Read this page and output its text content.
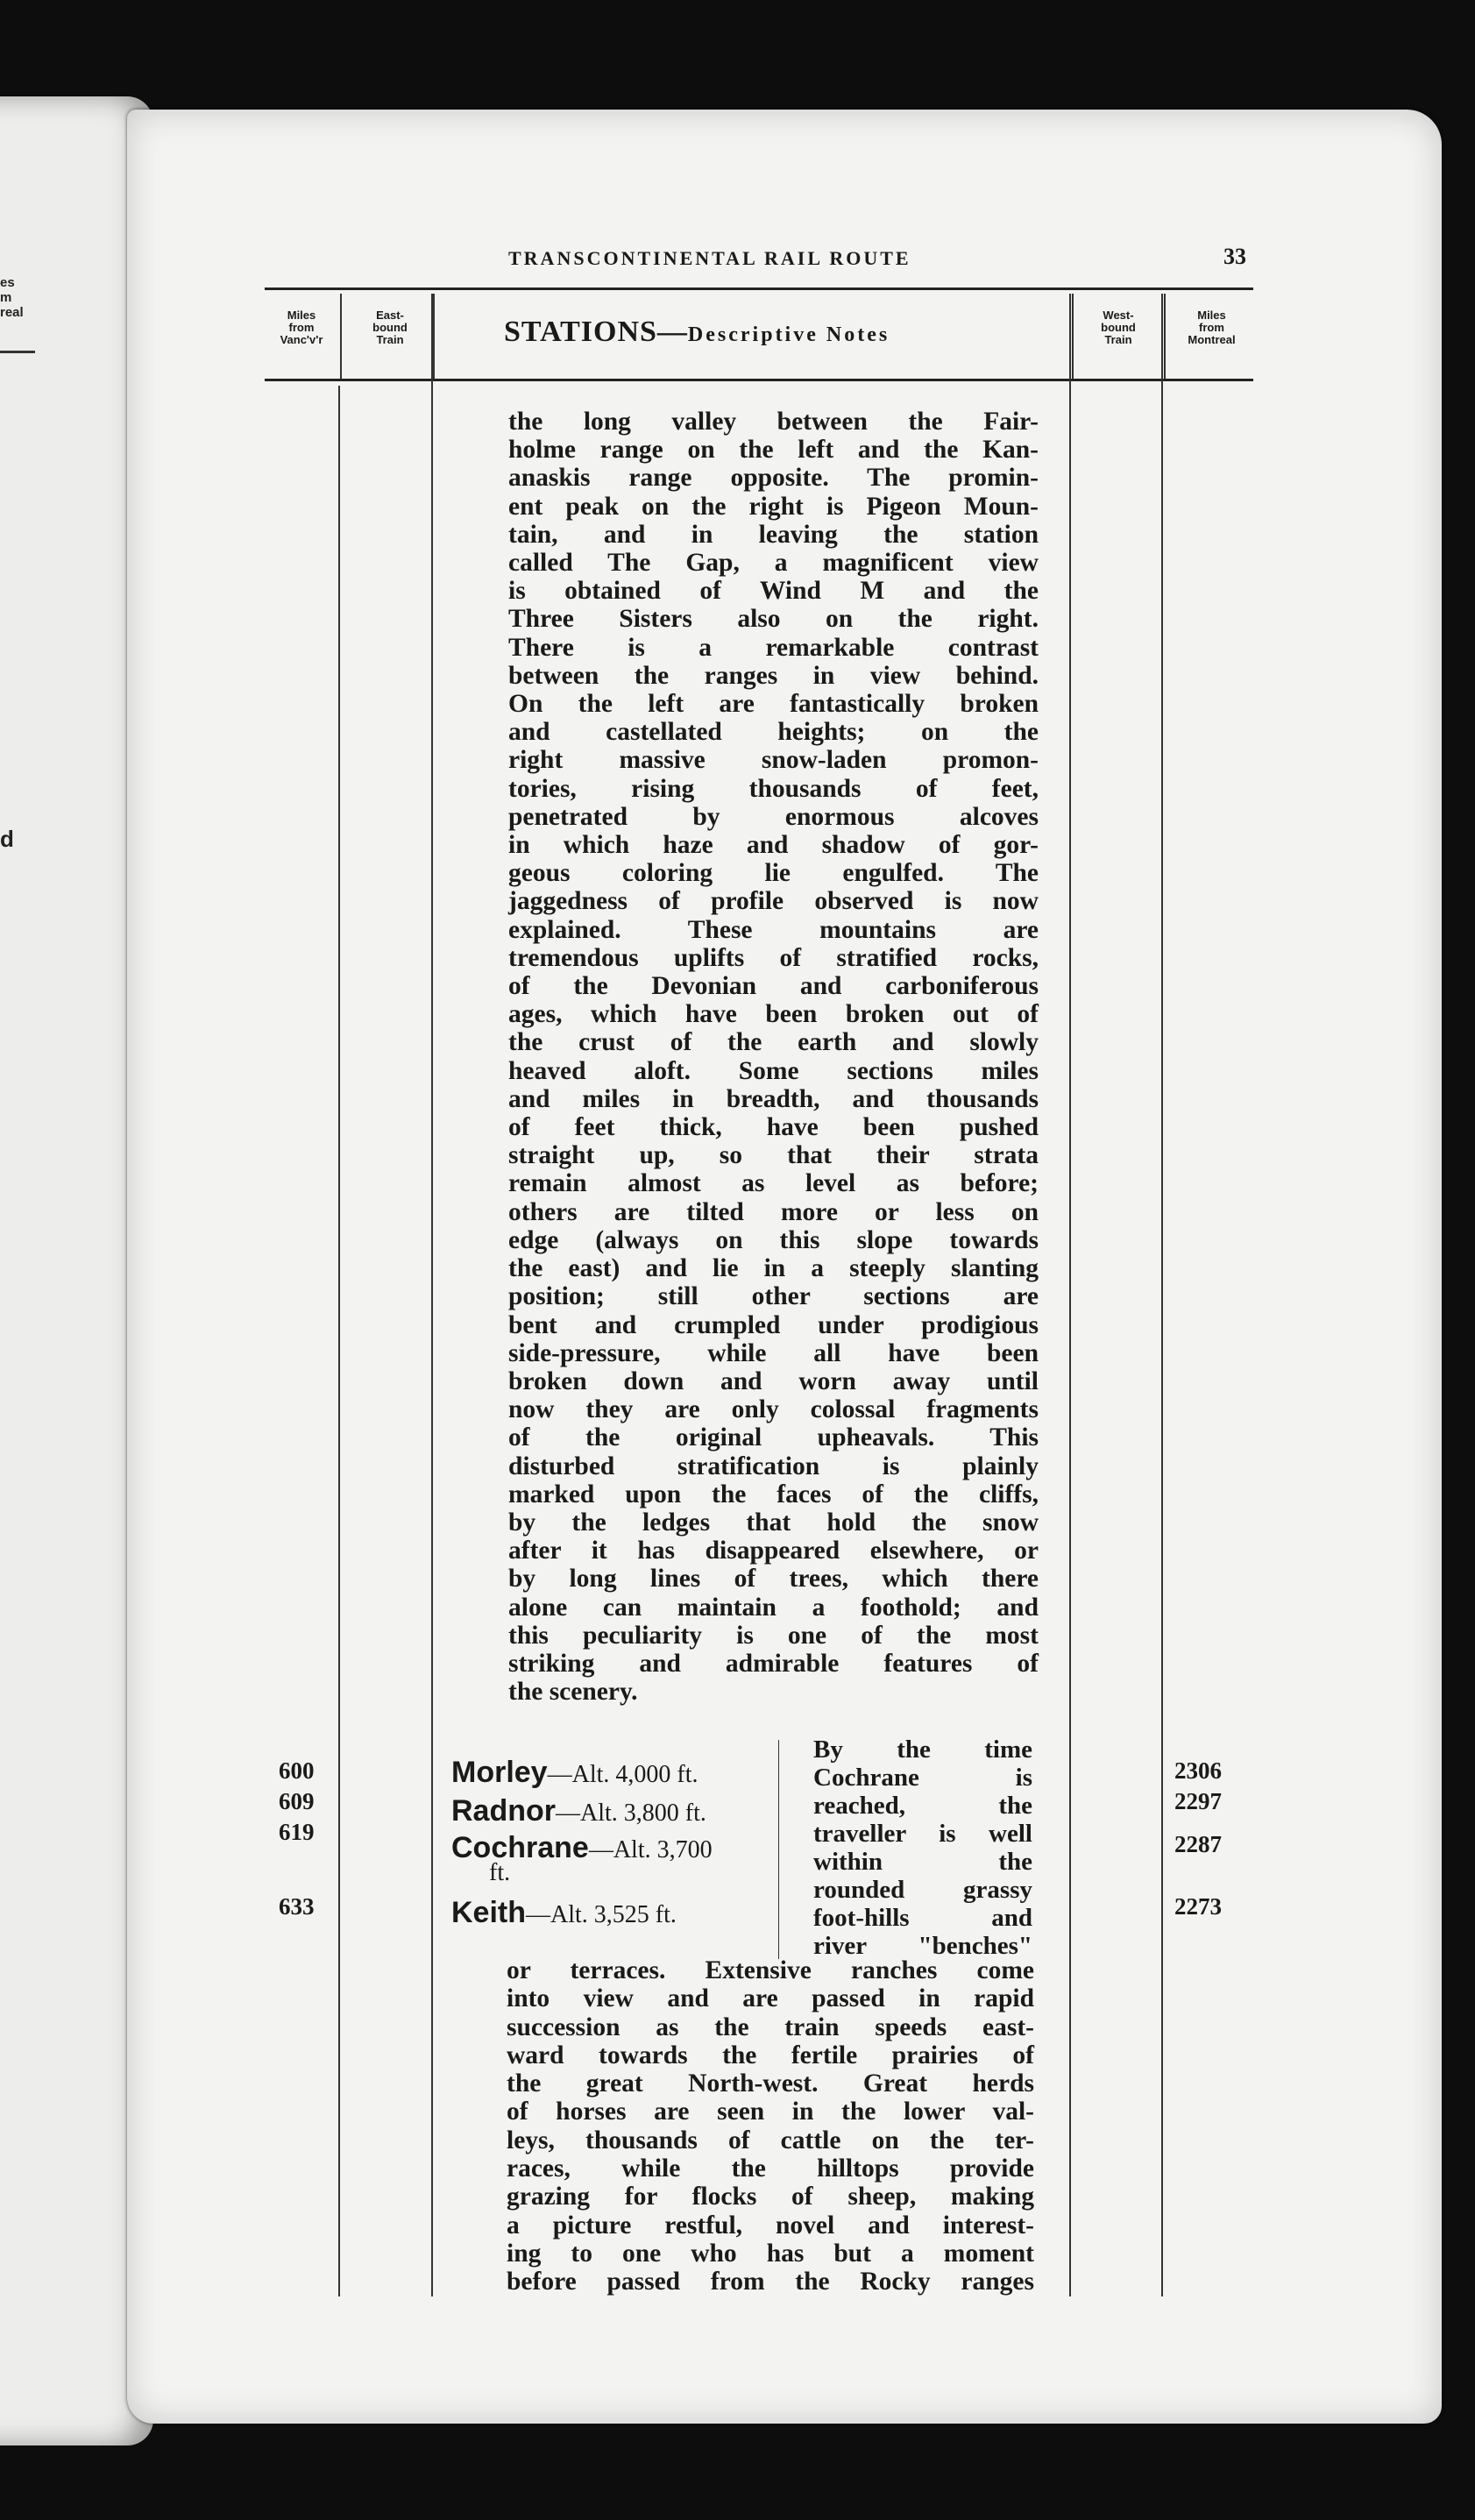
es
m
real
d
TRANSCONTINENTAL RAIL ROUTE	33
Miles
from
Vanc'v'r
East-
bound
Train	STATIONS—Descriptive Notes
West-
bound
Train
Miles
from
Montreal
the long valley between the Fair-
holme range on the left and the Kan-
anaskis range opposite. The promin-
ent peak on the right is Pigeon Moun-
tain, and in leaving the station
called The Gap, a magnificent view
is obtained of Wind M and the
Three Sisters also on the right.
There is a remarkable contrast
between the ranges in view behind.
On the left are fantastically broken
and castellated heights; on the
right massive snow-laden promon-
tories, rising thousands of feet,
penetrated by enormous alcoves
in which haze and shadow of gor-
geous coloring lie engulfed. The
jaggedness of profile observed is now
explained. These mountains are
tremendous uplifts of stratified rocks,
of the Devonian and carboniferous
ages, which have been broken out of
the crust of the earth and slowly
heaved aloft. Some sections miles
and miles in breadth, and thousands
of feet thick, have been pushed
straight up, so that their strata
remain almost as level as before;
others are tilted more or less on
edge (always on this slope towards
the east) and lie in a steeply slanting
position; still other sections are
bent and crumpled under prodigious
side-pressure, while all have been
broken down and worn away until
now they are only colossal fragments
of the original upheavals. This
disturbed stratification is plainly
marked upon the faces of the cliffs,
by the ledges that hold the snow
after it has disappeared elsewhere, or
by long lines of trees, which there
alone can maintain a foothold; and
this peculiarity is one of the most
striking and admirable features of
the scenery.
600
609
619
633
Morley—Alt. 4,000 ft.
Radnor—Alt. 3,800 ft.
Cochrane—Alt. 3,700
ft.
Keith—Alt. 3,525 ft.
2306
2297
2287
2273
By the time
Cochrane is
reached, the
traveller is well
within the
rounded grassy
foot-hills and
river "benches"
or terraces. Extensive ranches come
into view and are passed in rapid
succession as the train speeds east-
ward towards the fertile prairies of
the great North-west. Great herds
of horses are seen in the lower val-
leys, thousands of cattle on the ter-
races, while the hilltops provide
grazing for flocks of sheep, making
a picture restful, novel and interest-
ing to one who has but a moment
before passed from the Rocky ranges
